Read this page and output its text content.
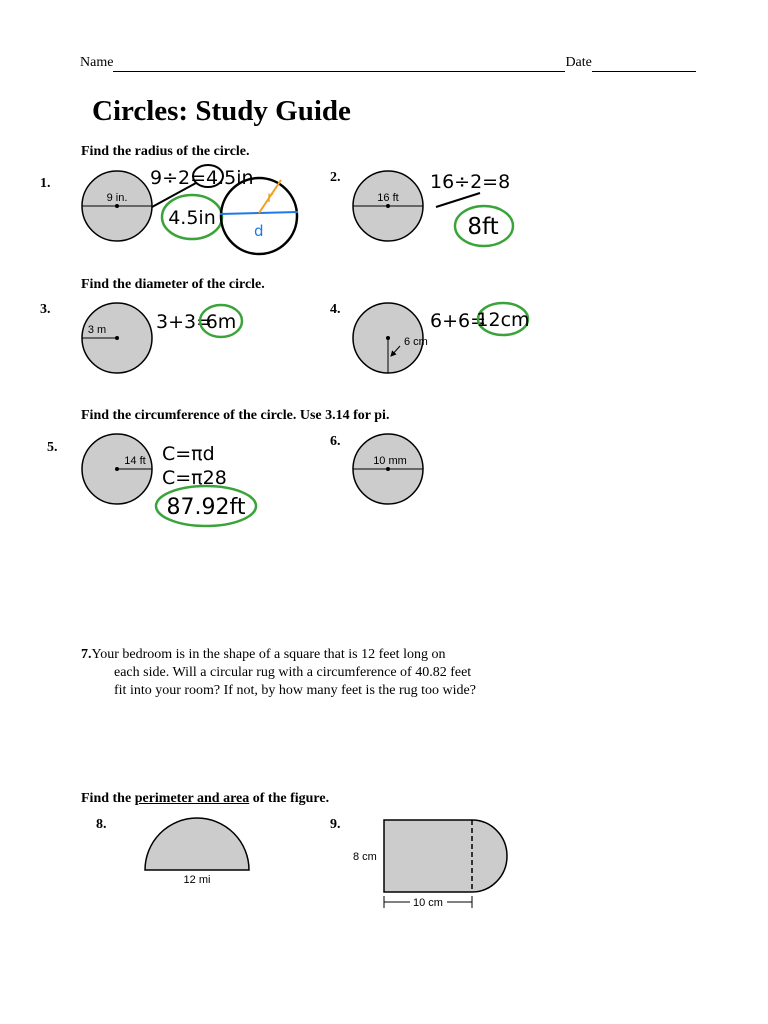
Name	Date
Circles: Study Guide
Find the radius of the circle.
1.	2.
Find the diameter of the circle.
3.	4.
Find the circumference of the circle. Use 3.14 for pi.
5.	6.
7.Your bedroom is in the shape of a square that is 12 feet long on
each side. Will a circular rug with a circumference of 40.82 feet
fit into your room? If not, by how many feet is the rug too wide?
Find the perimeter and area of the figure.
8.	9.
9 in.
9÷2=4.5in
4.5in
r
d
16 ft
16÷2=8
8ft
3 m	3+3=
6m
6 cm
6+6=
12cm
14 ft C=πd
C=π28
87.92ft
10 mm
12 mi
8 cm
10 cm
